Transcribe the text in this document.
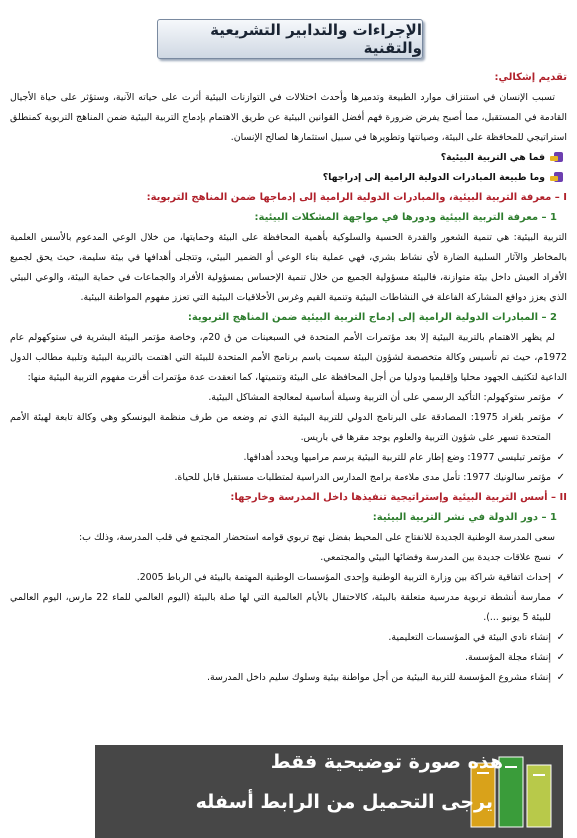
الإجراءات والتدابير التشريعية والتقنية

تقديم إشكالي:

تسبب الإنسان في استنزاف موارد الطبيعة وتدميرها وأحدث اختلالات في التوازنات البيئية أثرت على حياته الآنية، وستؤثر على حياة الأجيال القادمة في المستقبل، مما أصبح يفرض ضرورة فهم أفضل القوانين البيئية عن طريق الاهتمام بإدماج التربية البيئية ضمن المناهج التربوية كمنطلق استراتيجي للمحافظة على البيئة، وصيانتها وتطويرها في سبيل استثمارها لصالح الإنسان.

فما هي التربية البيئية؟

وما طبيعة المبادرات الدولية الرامية إلى إدراجها؟

I – معرفة التربية البيئية، والمبادرات الدولية الرامية إلى إدماجها ضمن المناهج التربوية:

1 – معرفة التربية البيئية ودورها في مواجهة المشكلات البيئية:

التربية البيئية: هي تنمية الشعور والقدرة الحسية والسلوكية بأهمية المحافظة على البيئة وحمايتها، من خلال الوعي المدعوم بالأسس العلمية بالمخاطر والآثار السلبية الضارة لأي نشاط بشري، فهي عملية بناء الوعي أو الضمير البيئي، وتتجلى أهدافها في بيئة سليمة، حيث يحق لجميع الأفراد العيش داخل بيئة متوازنة، فالبيئة مسؤولية الجميع من خلال تنمية الإحساس بمسؤولية الأفراد والجماعات في حماية البيئة، والوعي البيئي الذي يعزز دوافع المشاركة الفاعلة في النشاطات البيئية وتنمية القيم وغرس الأخلاقيات البيئية التي تعزز مفهوم المواطنة البيئية.

2 – المبادرات الدولية الرامية إلى إدماج التربية البيئية ضمن المناهج التربوية:

لم يظهر الاهتمام بالتربية البيئية إلا بعد مؤتمرات الأمم المتحدة في السبعينات من ق 20م، وخاصة مؤتمر البيئة البشرية في ستوكهولم عام 1972م، حيث تم تأسيس وكالة متخصصة لشؤون البيئة سميت باسم برنامج الأمم المتحدة للبيئة التي اهتمت بالتربية البيئية وتلبية مطالب الدول الداعية لتكثيف الجهود محليا وإقليميا ودوليا من أجل المحافظة على البيئة وتنميتها، كما انعقدت عدة مؤتمرات أقرت مفهوم التربية البيئية منها:

✓
مؤتمر ستوكهولم: التأكيد الرسمي على أن التربية وسيلة أساسية لمعالجة المشاكل البيئية.
✓
مؤتمر بلغراد 1975: المصادقة على البرنامج الدولي للتربية البيئية الذي تم وضعه من طرف منظمة اليونسكو وهي وكالة تابعة لهيئة الأمم المتحدة تسهر على شؤون التربية والعلوم يوجد مقرها في باريس.
✓
مؤتمر تبليسي 1977: وضع إطار عام للتربية البيئية يرسم مراميها ويحدد أهدافها.
✓
مؤتمر سالونيك 1977: تأمل مدى ملاءمة برامج المدارس الدراسية لمتطلبات مستقبل قابل للحياة.

II – أسس التربية البيئية وإستراتيجية تنفيذها داخل المدرسة وخارجها:

1 – دور الدولة في نشر التربية البيئية:

سعى المدرسة الوطنية الجديدة للانفتاح على المحيط بفضل نهج تربوي قوامه استحضار المجتمع في قلب المدرسة، وذلك ب:

✓
نسج علاقات جديدة بين المدرسة وفضائها البيئي والمجتمعي.
✓
إحداث اتفاقية شراكة بين وزارة التربية الوطنية وإحدى المؤسسات الوطنية المهتمة بالبيئة في الرباط 2005.
✓
ممارسة أنشطة تربوية مدرسية متعلقة بالبيئة، كالاحتفال بالأيام العالمية التي لها صلة بالبيئة (اليوم العالمي للماء 22 مارس، اليوم العالمي للبيئة 5 يونيو ...).
✓
إنشاء نادي البيئة في المؤسسات التعليمية.
✓
إنشاء مجلة المؤسسة.
✓
إنشاء مشروع المؤسسة للتربية البيئية من أجل مواطنة بيئية وسلوك سليم داخل المدرسة.
هذه صورة توضيحية فقط
يرجى التحميل من الرابط أسفله
